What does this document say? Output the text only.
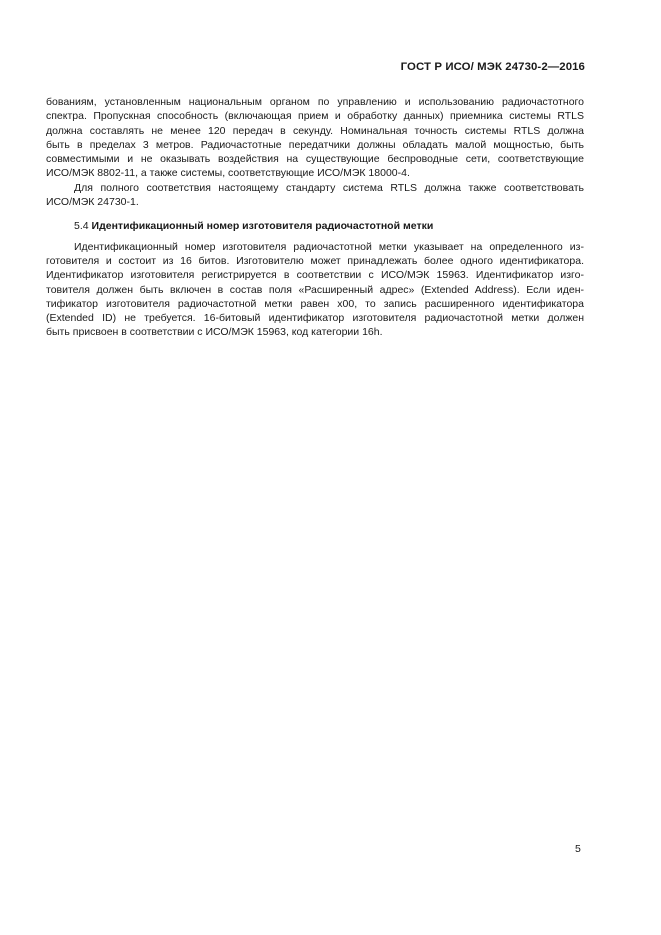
ГОСТ Р ИСО/ МЭК 24730-2—2016
бованиям, установленным национальным органом по управлению и использованию радиочастотного
спектра. Пропускная способность (включающая прием и обработку данных) приемника системы RTLS
должна составлять не менее 120 передач в секунду. Номинальная точность системы RTLS должна
быть в пределах 3 метров. Радиочастотные передатчики должны обладать малой мощностью, быть
совместимыми и не оказывать воздействия на существующие беспроводные сети, соответствующие
ИСО/МЭК 8802-11, а также системы, соответствующие ИСО/МЭК 18000-4.
Для полного соответствия настоящему стандарту система RTLS должна также соответствовать
ИСО/МЭК 24730-1.
5.4 Идентификационный номер изготовителя радиочастотной метки
Идентификационный номер изготовителя радиочастотной метки указывает на определенного из-
готовителя и состоит из 16 битов. Изготовителю может принадлежать более одного идентификатора.
Идентификатор изготовителя регистрируется в соответствии с ИСО/МЭК 15963. Идентификатор изго-
товителя должен быть включен в состав поля «Расширенный адрес» (Extended Address). Если иден-
тификатор изготовителя радиочастотной метки равен х00, то запись расширенного идентификатора
(Extended ID) не требуется. 16-битовый идентификатор изготовителя радиочастотной метки должен
быть присвоен в соответствии с ИСО/МЭК 15963, код категории 16h.
5
